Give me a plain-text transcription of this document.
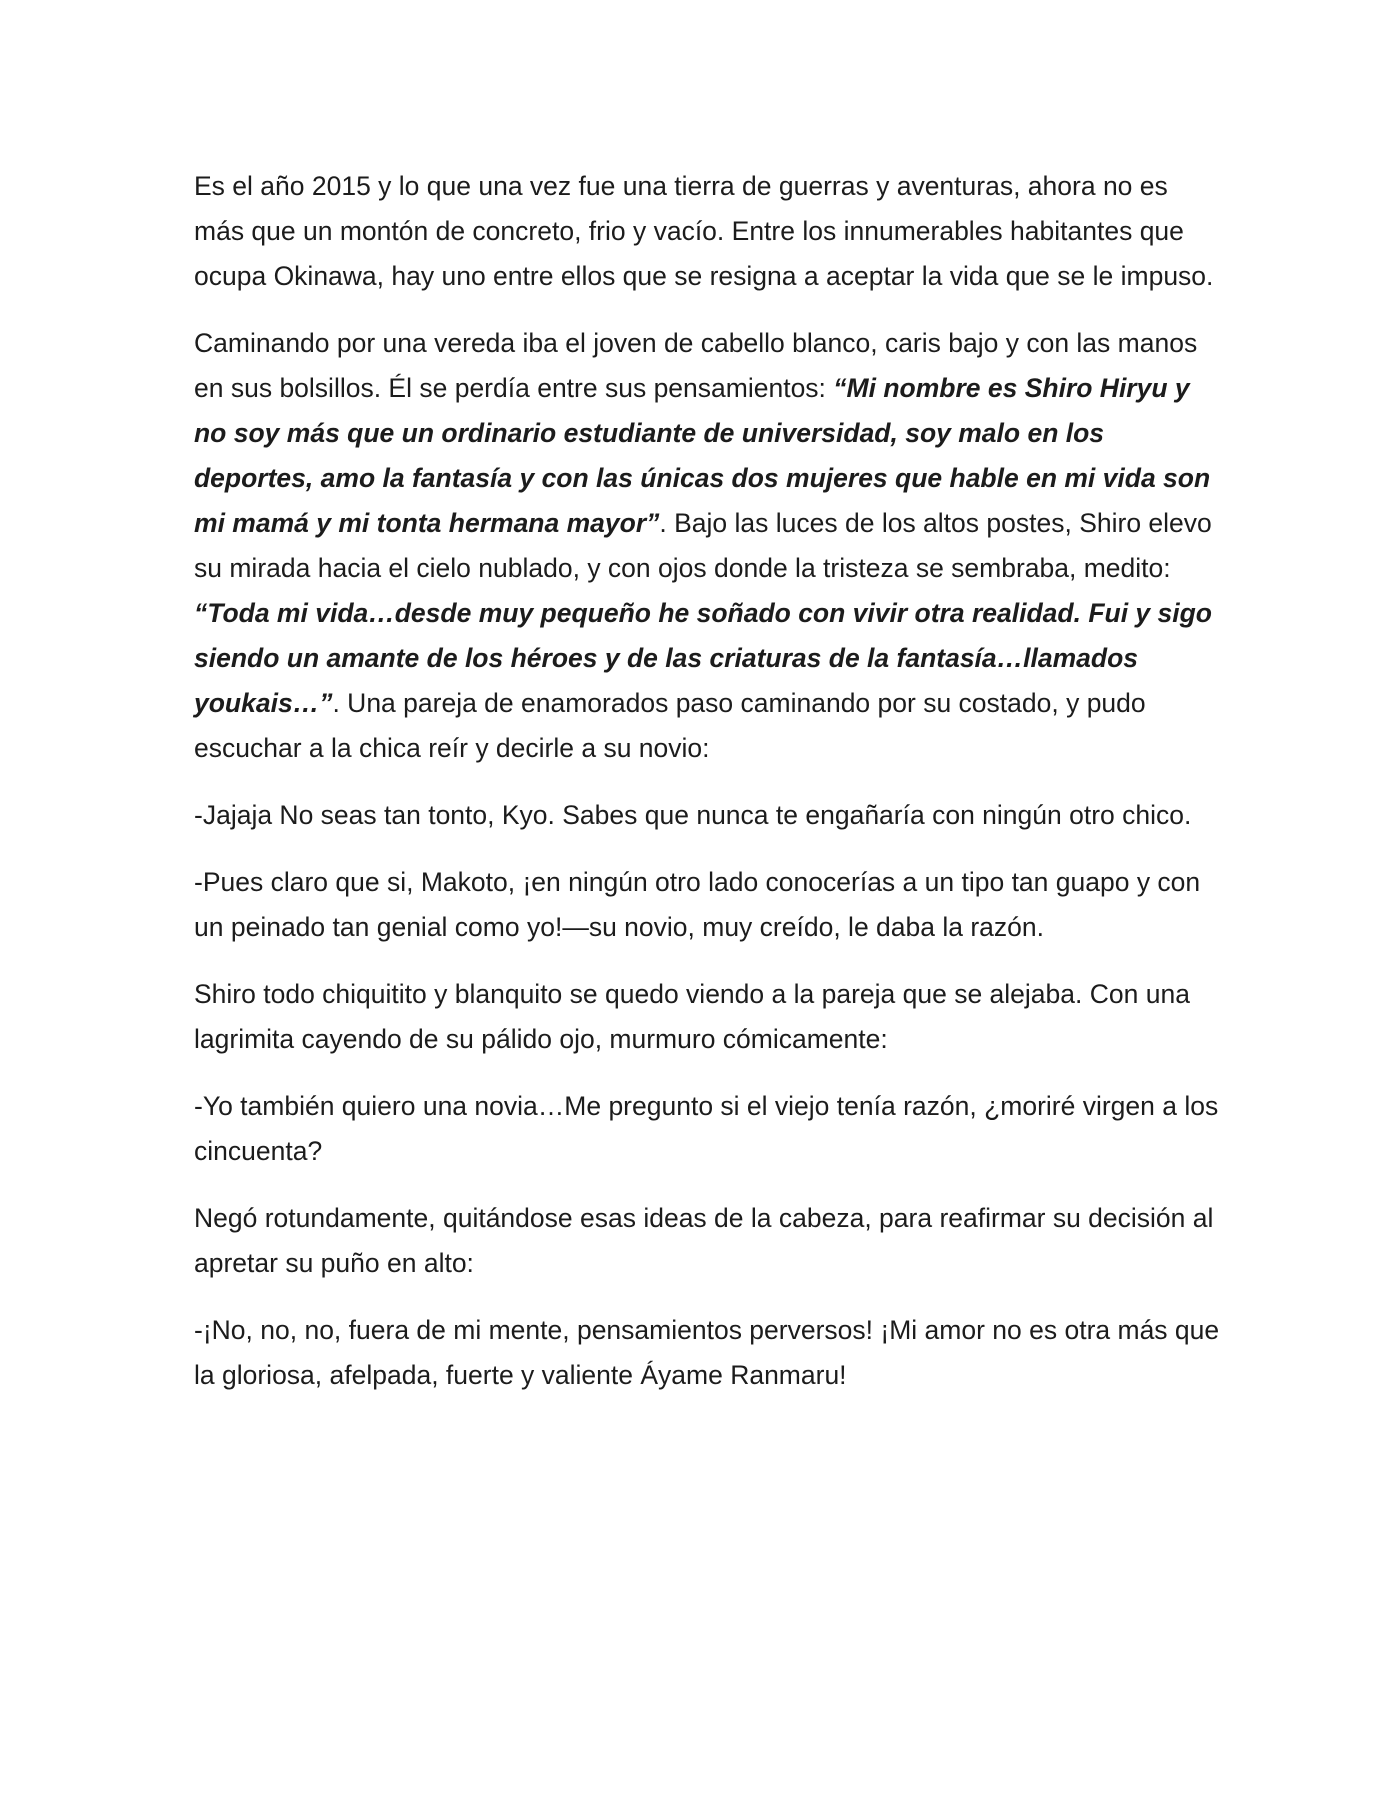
Es el año 2015 y lo que una vez fue una tierra de guerras y aventuras, ahora no es más que un montón de concreto, frio y vacío. Entre los innumerables habitantes que ocupa Okinawa, hay uno entre ellos que se resigna a aceptar la vida que se le impuso.

Caminando por una vereda iba el joven de cabello blanco, caris bajo y con las manos en sus bolsillos. Él se perdía entre sus pensamientos: “Mi nombre es Shiro Hiryu y no soy más que un ordinario estudiante de universidad, soy malo en los deportes, amo la fantasía y con las únicas dos mujeres que hable en mi vida son mi mamá y mi tonta hermana mayor”. Bajo las luces de los altos postes, Shiro elevo su mirada hacia el cielo nublado, y con ojos donde la tristeza se sembraba, medito: “Toda mi vida…desde muy pequeño he soñado con vivir otra realidad. Fui y sigo siendo un amante de los héroes y de las criaturas de la fantasía…llamados youkais…”. Una pareja de enamorados paso caminando por su costado, y pudo escuchar a la chica reír y decirle a su novio:

-Jajaja No seas tan tonto, Kyo. Sabes que nunca te engañaría con ningún otro chico.

-Pues claro que si, Makoto, ¡en ningún otro lado conocerías a un tipo tan guapo y con un peinado tan genial como yo!—su novio, muy creído, le daba la razón.

Shiro todo chiquitito y blanquito se quedo viendo a la pareja que se alejaba. Con una lagrimita cayendo de su pálido ojo, murmuro cómicamente:

-Yo también quiero una novia…Me pregunto si el viejo tenía razón, ¿moriré virgen a los cincuenta?

Negó rotundamente, quitándose esas ideas de la cabeza, para reafirmar su decisión al apretar su puño en alto:

-¡No, no, no, fuera de mi mente, pensamientos perversos! ¡Mi amor no es otra más que la gloriosa, afelpada, fuerte y valiente Áyame Ranmaru!
